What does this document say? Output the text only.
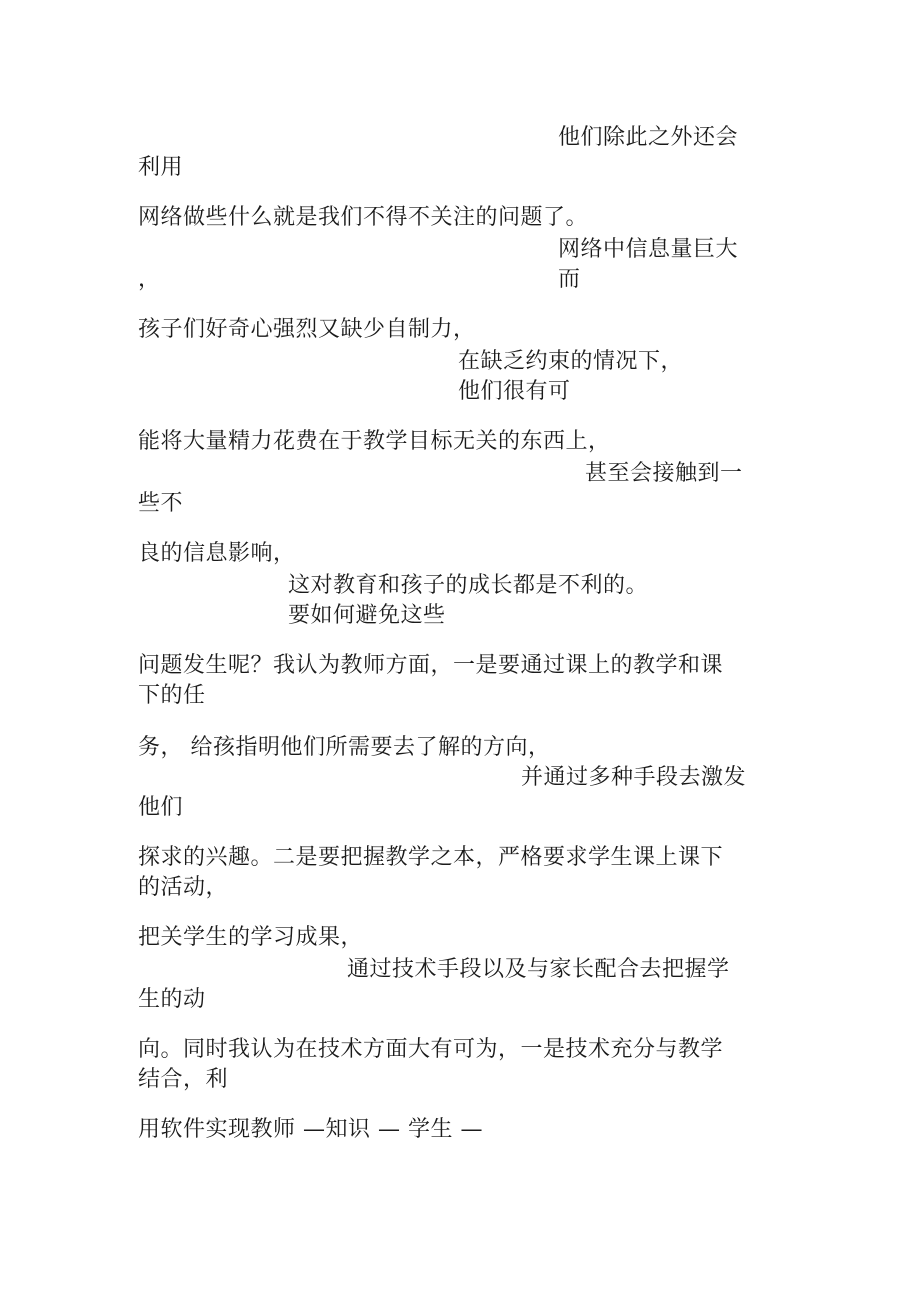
他们除此之外还会
利用
网络做些什么就是我们不得不关注的问题了。
网络中信息量巨大
，	而
孩子们好奇心强烈又缺少自制力，
在缺乏约束的情况下，
他们很有可
能将大量精力花费在于教学目标无关的东西上，
甚至会接触到一
些不
良的信息影响，
这对教育和孩子的成长都是不利的。
要如何避免这些
问题发生呢？我认为教师方面，一是要通过课上的教学和课
下的任
务， 给孩指明他们所需要去了解的方向，
并通过多种手段去激发
他们
探求的兴趣。二是要把握教学之本，严格要求学生课上课下
的活动，
把关学生的学习成果，
通过技术手段以及与家长配合去把握学
生的动
向。同时我认为在技术方面大有可为，一是技术充分与教学
结合，利
用软件实现教师 —知识 — 学生 —
